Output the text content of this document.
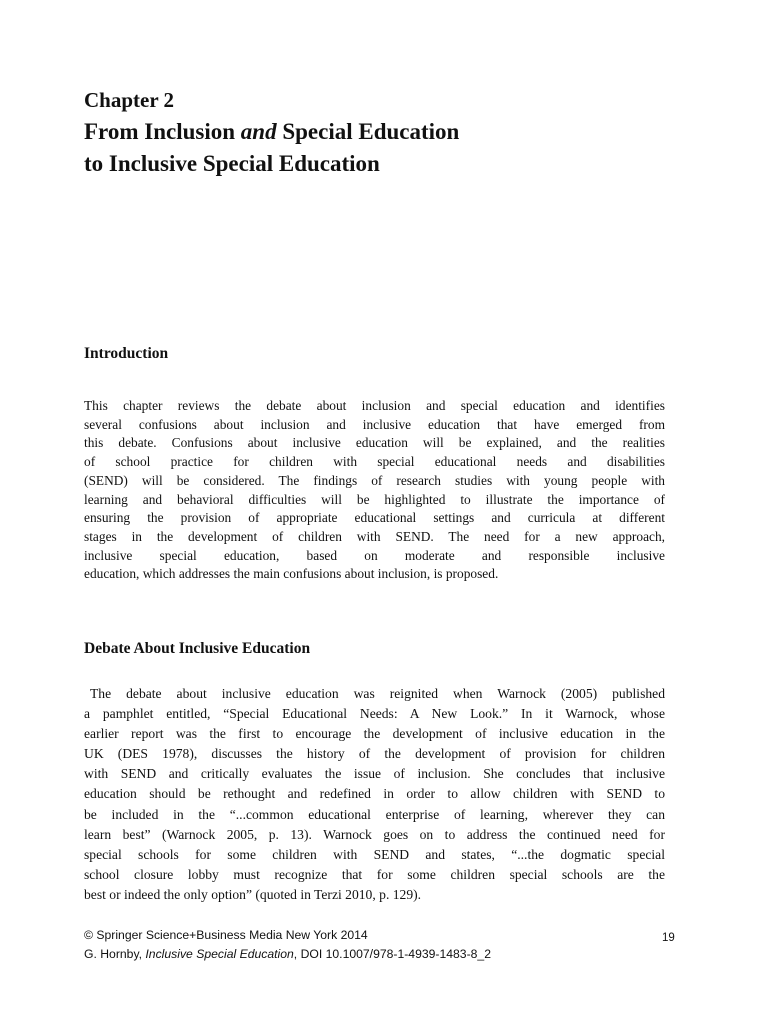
Chapter 2
From Inclusion and Special Education
to Inclusive Special Education
Introduction
This chapter reviews the debate about inclusion and special education and identifies
several confusions about inclusion and inclusive education that have emerged from
this debate. Confusions about inclusive education will be explained, and the realities
of school practice for children with special educational needs and disabilities
(SEND) will be considered. The findings of research studies with young people with
learning and behavioral difficulties will be highlighted to illustrate the importance of
ensuring the provision of appropriate educational settings and curricula at different
stages in the development of children with SEND. The need for a new approach,
inclusive special education, based on moderate and responsible inclusive
education, which addresses the main confusions about inclusion, is proposed.
Debate About Inclusive Education
The debate about inclusive education was reignited when Warnock (2005) published
a pamphlet entitled, “Special Educational Needs: A New Look.” In it Warnock, whose
earlier report was the first to encourage the development of inclusive education in the
UK (DES 1978), discusses the history of the development of provision for children
with SEND and critically evaluates the issue of inclusion. She concludes that inclusive
education should be rethought and redefined in order to allow children with SEND to
be included in the “...common educational enterprise of learning, wherever they can
learn best” (Warnock 2005, p. 13). Warnock goes on to address the continued need for
special schools for some children with SEND and states, “...the dogmatic special
school closure lobby must recognize that for some children special schools are the
best or indeed the only option” (quoted in Terzi 2010, p. 129).
© Springer Science+Business Media New York 2014
G. Hornby, Inclusive Special Education, DOI 10.1007/978-1-4939-1483-8_2
19
